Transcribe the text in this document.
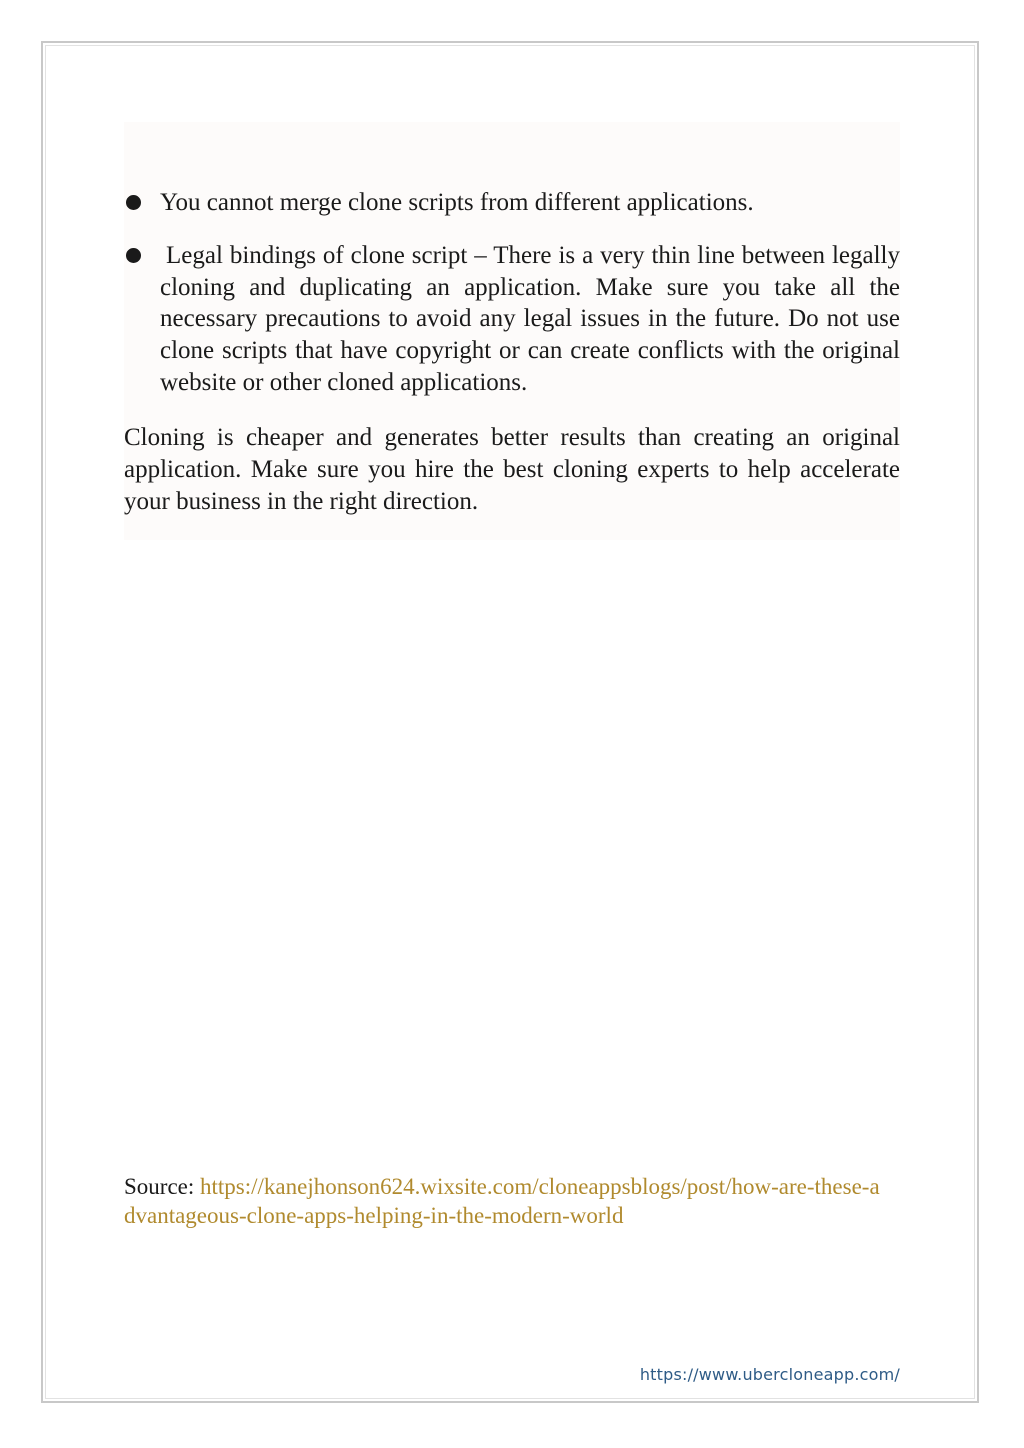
You cannot merge clone scripts from different applications.
Legal bindings of clone script – There is a very thin line between legally cloning and duplicating an application. Make sure you take all the necessary precautions to avoid any legal issues in the future. Do not use clone scripts that have copyright or can create conflicts with the original website or other cloned applications.

Cloning is cheaper and generates better results than creating an original application. Make sure you hire the best cloning experts to help accelerate your business in the right direction.

Source: https://kanejhonson624.wixsite.com/cloneappsblogs/post/how-are-these-advantageous-clone-apps-helping-in-the-modern-world

https://www.ubercloneapp.com/
